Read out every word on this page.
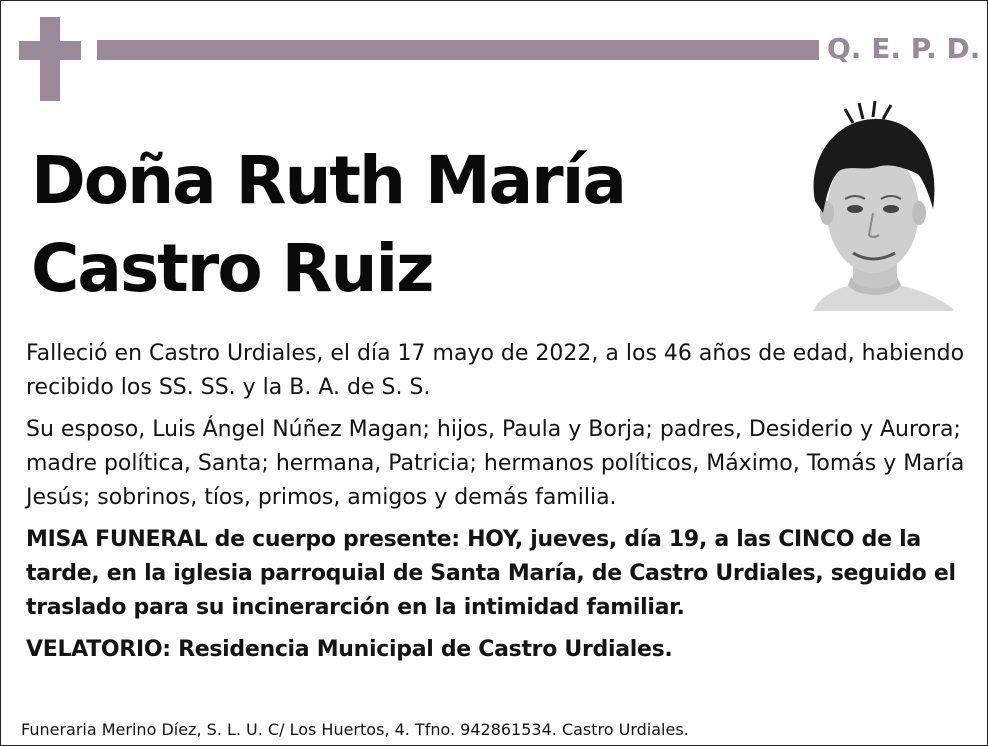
Q. E. P. D.
Doña Ruth María
Castro Ruiz

Falleció en Castro Urdiales, el día 17 mayo de 2022, a los 46 años de edad, habiendo recibido los SS. SS. y la B. A. de S. S.

Su esposo, Luis Ángel Núñez Magan; hijos, Paula y Borja; padres, Desiderio y Aurora; madre política, Santa; hermana, Patricia; hermanos políticos, Máximo, Tomás y María Jesús; sobrinos, tíos, primos, amigos y demás familia.

MISA FUNERAL de cuerpo presente: HOY, jueves, día 19, a las CINCO de la tarde, en la iglesia parroquial de Santa María, de Castro Urdiales, seguido el traslado para su incinerarción en la intimidad familiar.

VELATORIO: Residencia Municipal de Castro Urdiales.

Funeraria Merino Díez, S. L. U. C/ Los Huertos, 4. Tfno. 942861534. Castro Urdiales.
